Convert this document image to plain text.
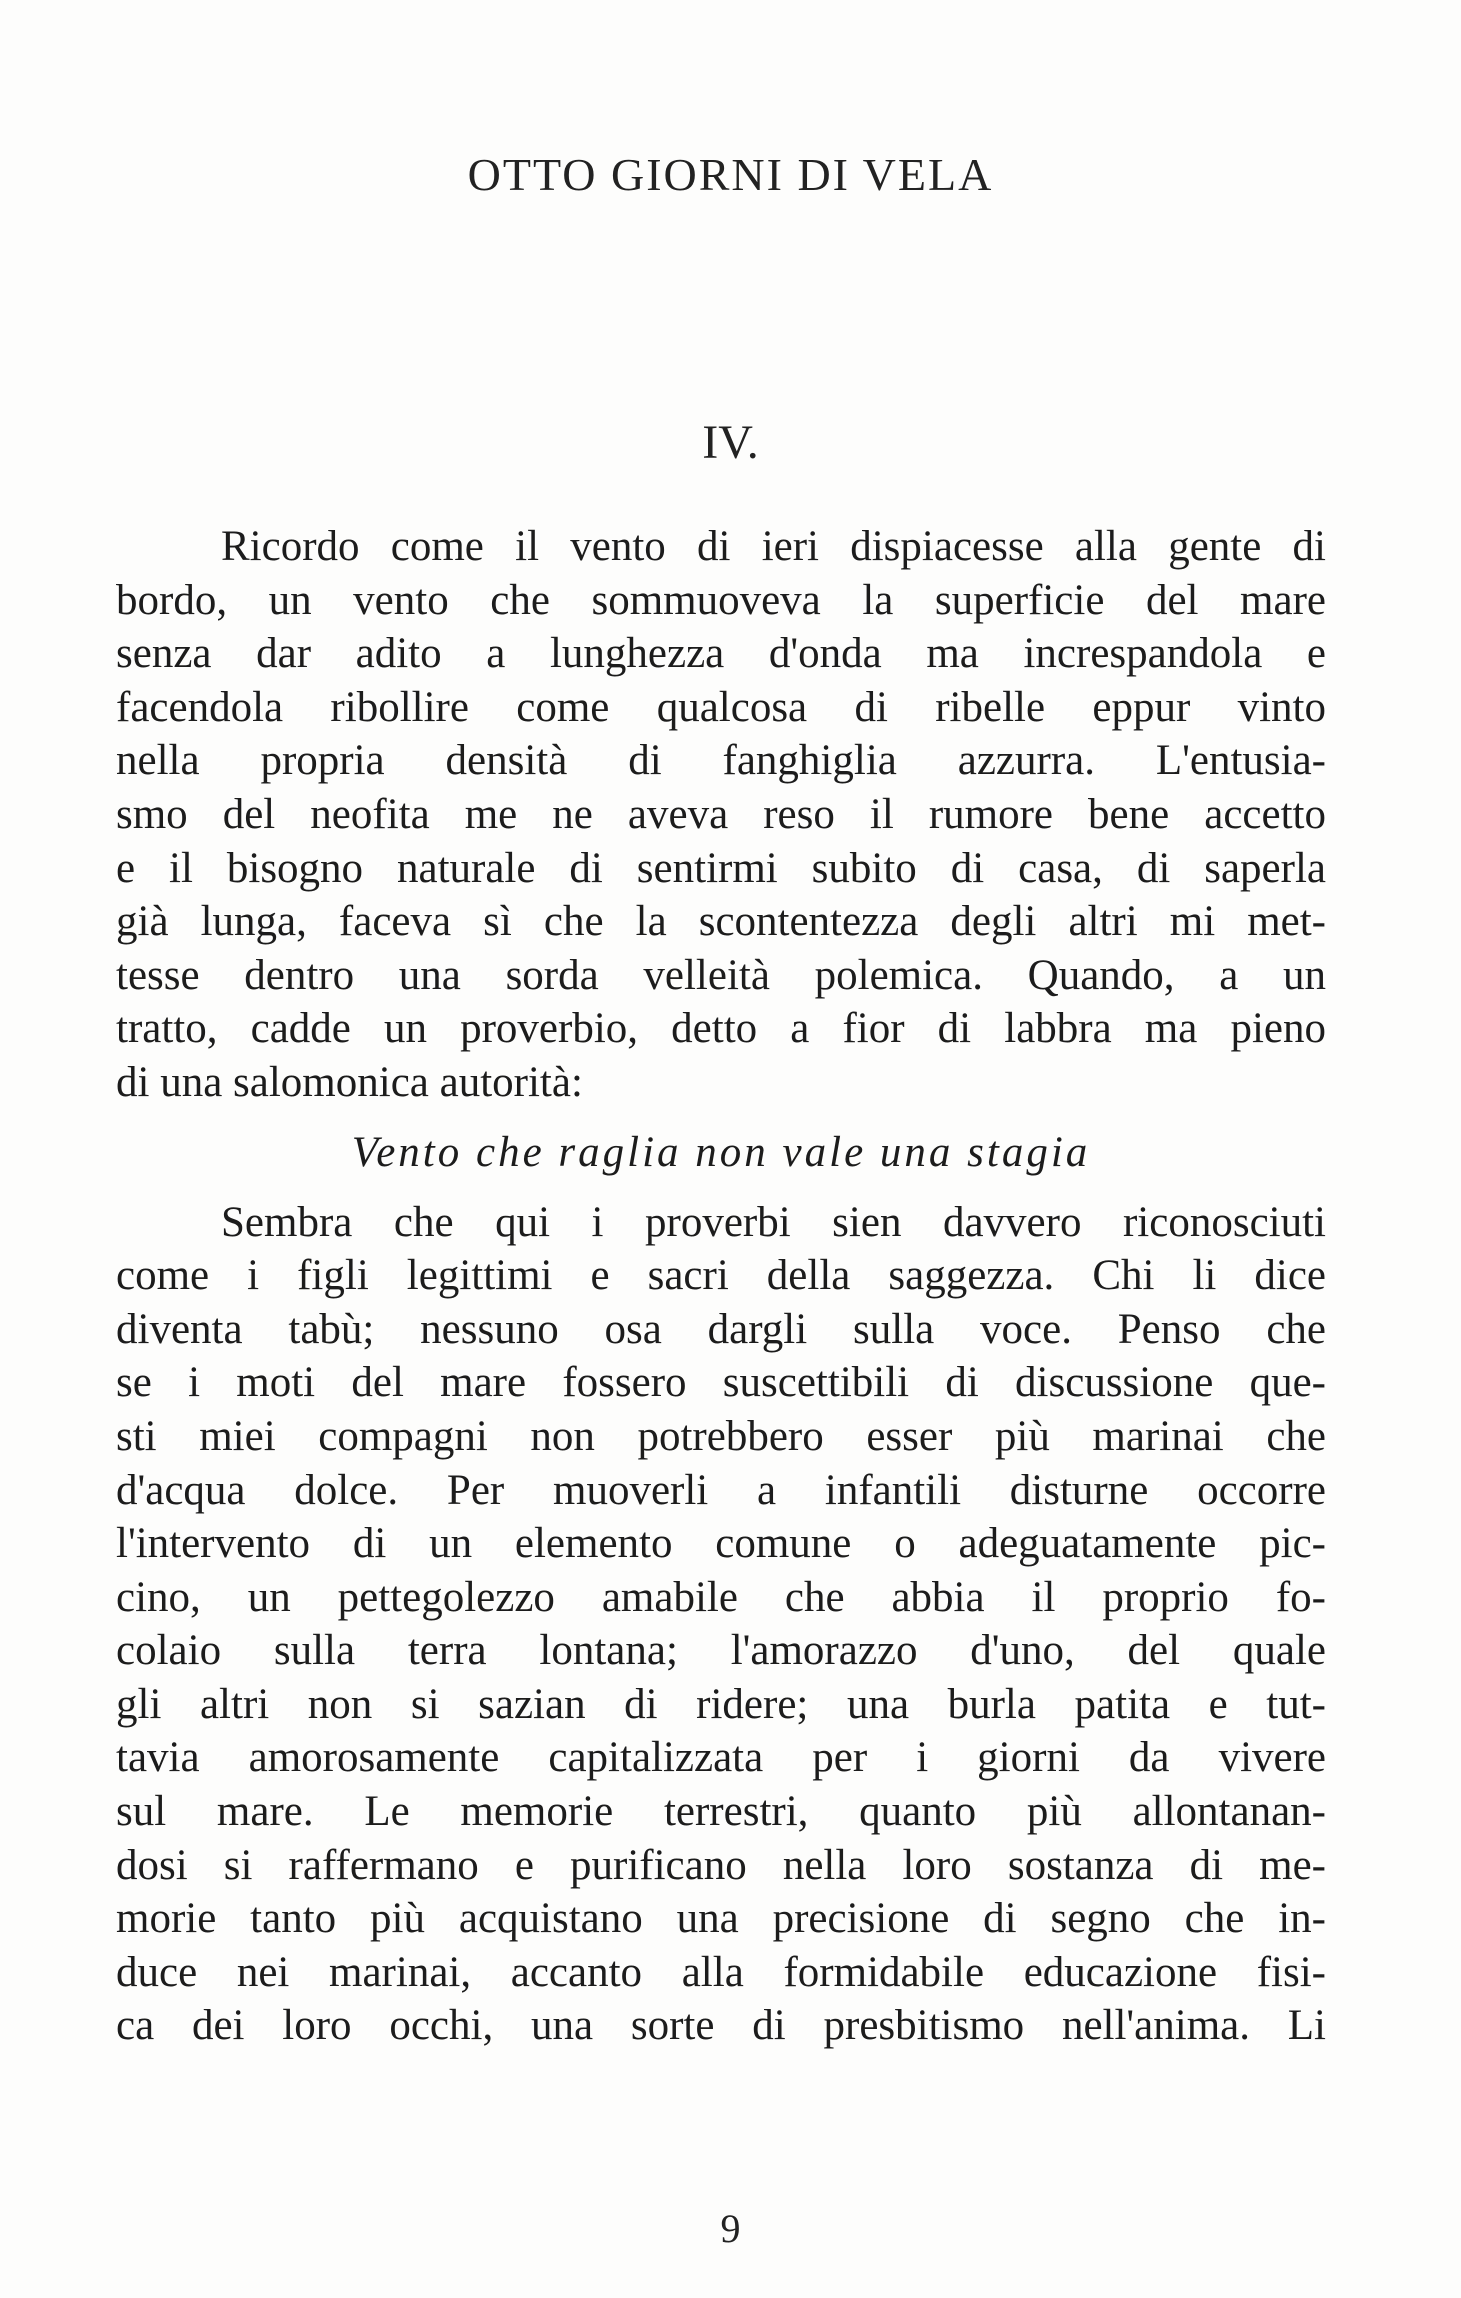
OTTO GIORNI DI VELA
IV.
Ricordo come il vento di ieri dispiacesse alla gente di
bordo, un vento che sommuoveva la superficie del mare
senza dar adito a lunghezza d'onda ma increspandola e
facendola ribollire come qualcosa di ribelle eppur vinto
nella propria densità di fanghiglia azzurra. L'entusia-
smo del neofita me ne aveva reso il rumore bene accetto
e il bisogno naturale di sentirmi subito di casa, di saperla
già lunga, faceva sì che la scontentezza degli altri mi met-
tesse dentro una sorda velleità polemica. Quando, a un
tratto, cadde un proverbio, detto a fior di labbra ma pieno
di una salomonica autorità:
Vento che raglia non vale una stagia
Sembra che qui i proverbi sien davvero riconosciuti
come i figli legittimi e sacri della saggezza. Chi li dice
diventa tabù; nessuno osa dargli sulla voce. Penso che
se i moti del mare fossero suscettibili di discussione que-
sti miei compagni non potrebbero esser più marinai che
d'acqua dolce. Per muoverli a infantili disturne occorre
l'intervento di un elemento comune o adeguatamente pic-
cino, un pettegolezzo amabile che abbia il proprio fo-
colaio sulla terra lontana; l'amorazzo d'uno, del quale
gli altri non si sazian di ridere; una burla patita e tut-
tavia amorosamente capitalizzata per i giorni da vivere
sul mare. Le memorie terrestri, quanto più allontanan-
dosi si raffermano e purificano nella loro sostanza di me-
morie tanto più acquistano una precisione di segno che in-
duce nei marinai, accanto alla formidabile educazione fisi-
ca dei loro occhi, una sorte di presbitismo nell'anima. Li
9
